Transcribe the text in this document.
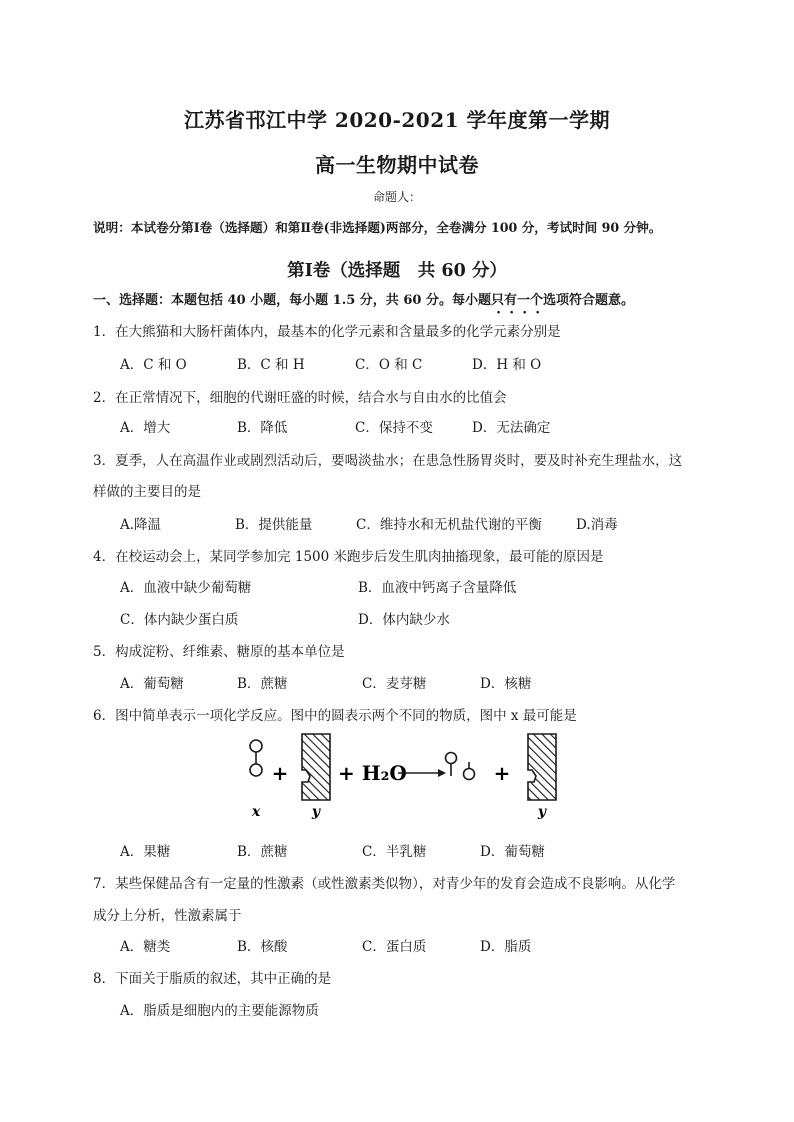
江苏省邗江中学 2020-2021 学年度第一学期
高一生物期中试卷
命题人：
说明：本试卷分第Ⅰ卷（选择题）和第Ⅱ卷(非选择题)两部分，全卷满分 100 分，考试时间 90 分钟。
第Ⅰ卷（选择题　共 60 分）
一、选择题：本题包括 40 小题，每小题 1.5 分，共 60 分。每小题只有一个选项符合题意。
1．在大熊猫和大肠杆菌体内，最基本的化学元素和含量最多的化学元素分别是
A．C 和 O	B．C 和 H	C．O 和 C	D．H 和 O
2．在正常情况下，细胞的代谢旺盛的时候，结合水与自由水的比值会
A．增大	B．降低	C．保持不变	D．无法确定
3．夏季，人在高温作业或剧烈活动后，要喝淡盐水；在患急性肠胃炎时，要及时补充生理盐水，这
样做的主要目的是
A.降温	B．提供能量	C．维持水和无机盐代谢的平衡	D.消毒
4．在校运动会上，某同学参加完 1500 米跑步后发生肌肉抽搐现象，最可能的原因是
A．血液中缺少葡萄糖	B．血液中钙离子含量降低
C．体内缺少蛋白质	D．体内缺少水
5．构成淀粉、纤维素、糖原的基本单位是
A．葡萄糖	B．蔗糖	C．麦芽糖	D．核糖
6．图中简单表示一项化学反应。图中的圆表示两个不同的物质，图中 x 最可能是
x
+
y
+ H₂O	+
y
A．果糖	B．蔗糖	C．半乳糖	D．葡萄糖
7．某些保健品含有一定量的性激素（或性激素类似物），对青少年的发育会造成不良影响。从化学
成分上分析，性激素属于
A．糖类	B．核酸	C．蛋白质	D．脂质
8．下面关于脂质的叙述，其中正确的是
A．脂质是细胞内的主要能源物质
